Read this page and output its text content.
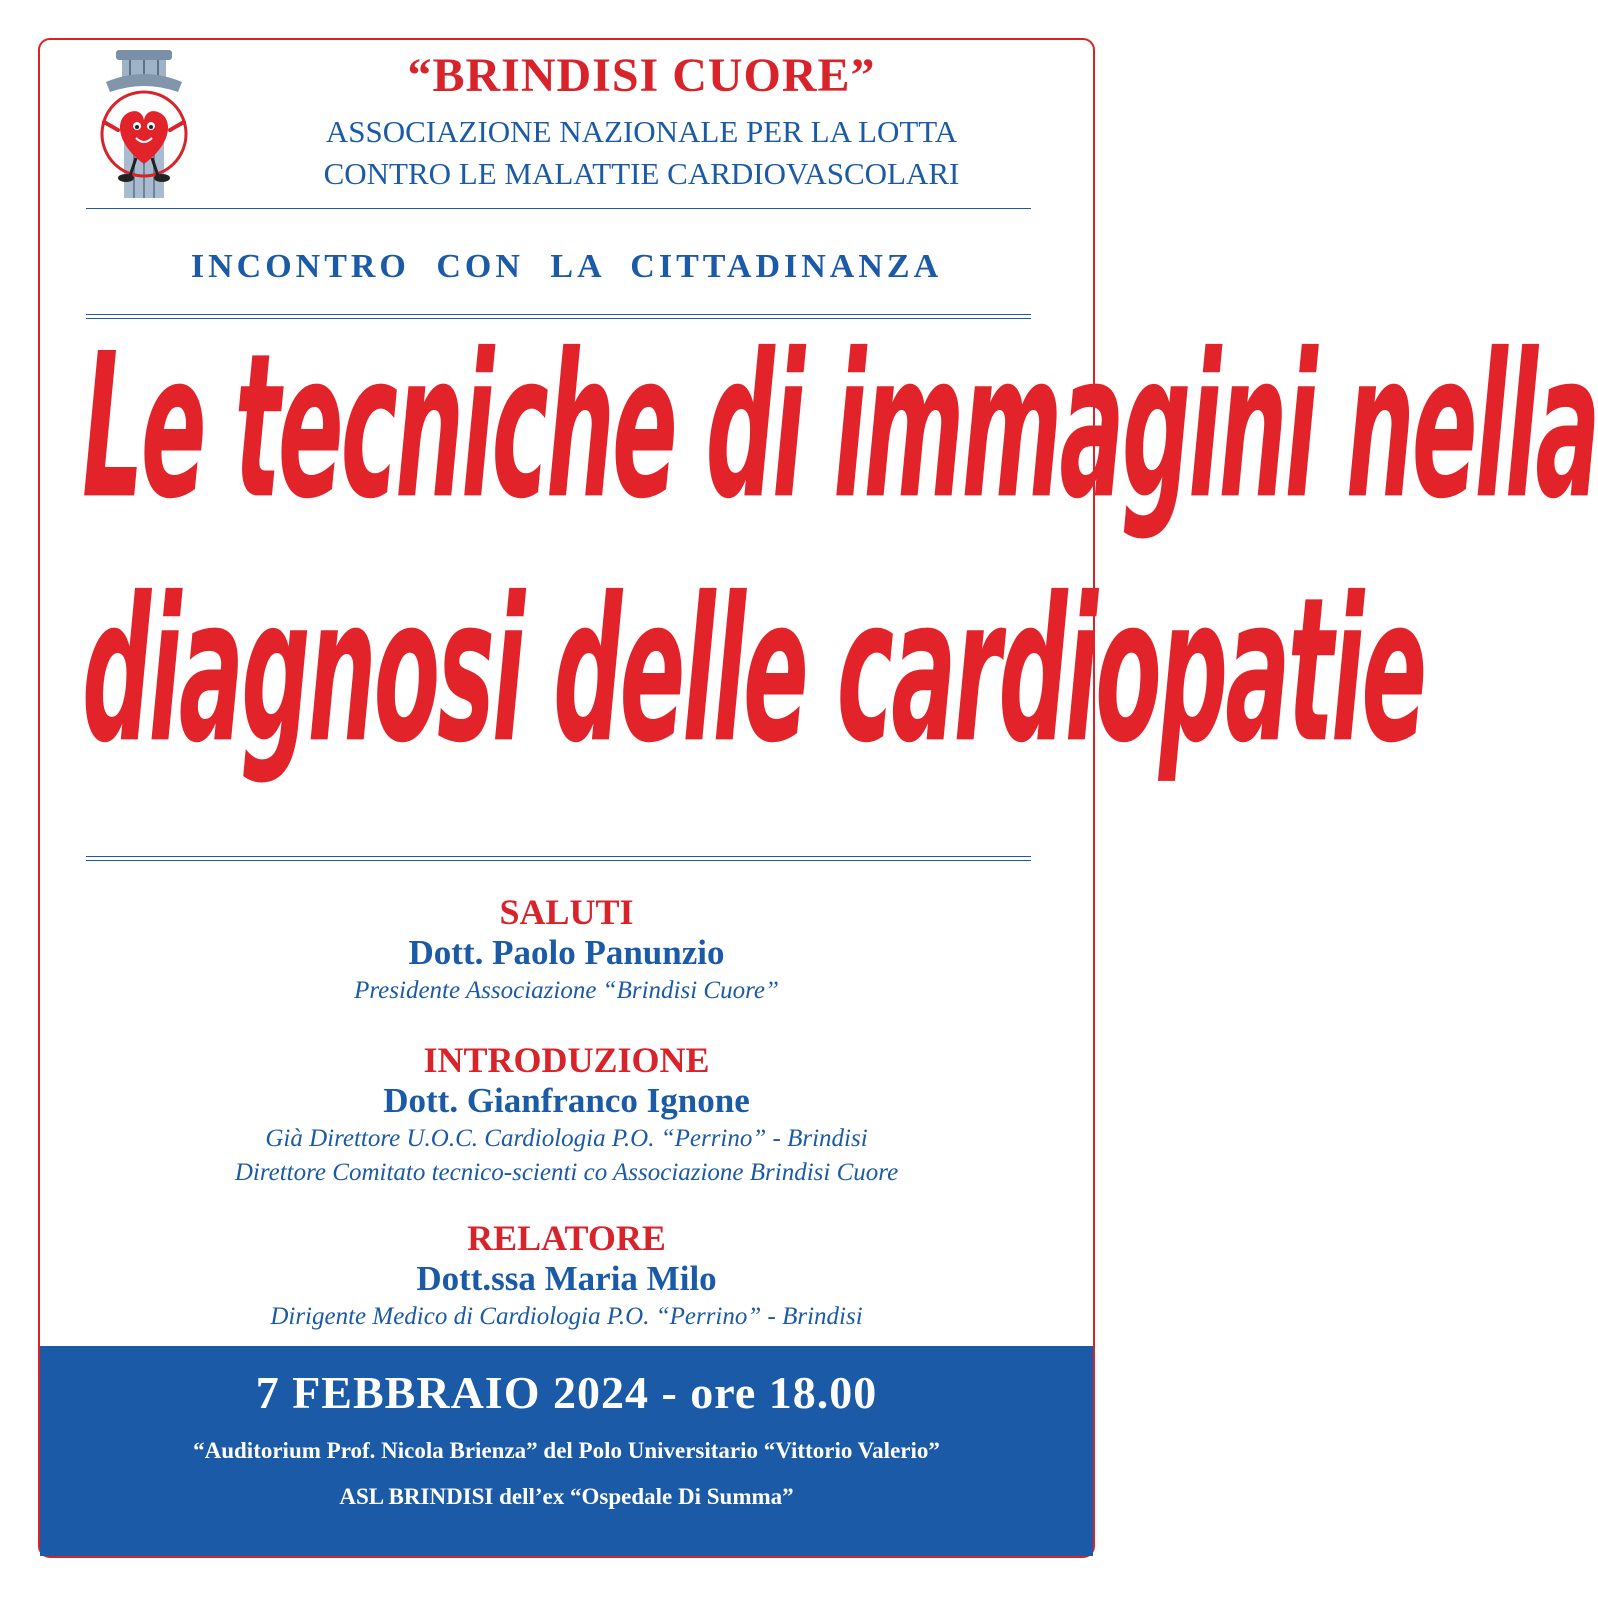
“BRINDISI CUORE”
ASSOCIAZIONE NAZIONALE PER LA LOTTA
CONTRO LE MALATTIE CARDIOVASCOLARI
INCONTRO CON LA CITTADINANZA
Le tecniche di immagini nella
diagnosi delle cardiopatie
SALUTI
Dott. Paolo Panunzio
Presidente Associazione “Brindisi Cuore”
INTRODUZIONE
Dott. Gianfranco Ignone
Già Direttore U.O.C. Cardiologia P.O. “Perrino” - Brindisi
Direttore Comitato tecnico-scienti co Associazione Brindisi Cuore
RELATORE
Dott.ssa Maria Milo
Dirigente Medico di Cardiologia P.O. “Perrino” - Brindisi
7 FEBBRAIO 2024 - ore 18.00
“Auditorium Prof. Nicola Brienza” del Polo Universitario “Vittorio Valerio”
ASL BRINDISI dell’ex “Ospedale Di Summa”
